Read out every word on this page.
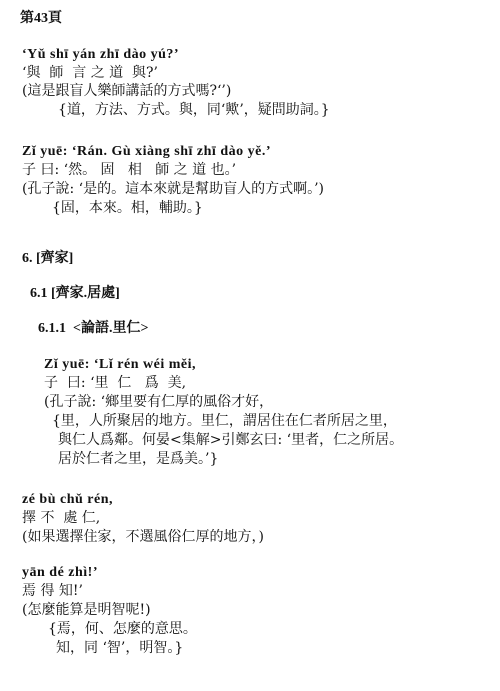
第43頁
‘Yǔ shī yán zhī dào yú?’
‘與  師  言 之 道  與?’
(這是跟盲人樂師講話的方式嗎?‘’)
{道，方法、方式。與，同‘歟’，疑問助詞。}
Zǐ yuē: ‘Rán. Gù xiàng shī zhī dào yě.’
子 曰: ‘然。 固   相   師 之 道 也。’
(孔子說: ‘是的。這本來就是幫助盲人的方式啊。’)
{固，本來。相，輔助。}
6. [齊家]
6.1 [齊家.居處]
6.1.1  <論語.里仁>
Zǐ yuē: ‘Lǐ rén wéi měi,
子  曰: ‘里  仁   爲  美,
(孔子說: ‘鄉里要有仁厚的風俗才好，
{里，人所聚居的地方。里仁，謂居住在仁者所居之里，
與仁人爲鄰。何晏<集解>引鄭玄曰: ‘里者，仁之所居。
居於仁者之里，是爲美。’}
zé bù chǔ rén,
擇 不  處 仁,
(如果選擇住家，不選風俗仁厚的地方，)
yān dé zhì!’
焉 得 知!’
(怎麼能算是明智呢!)
{焉，何、怎麼的意思。
知，同 ‘智’，明智。}
